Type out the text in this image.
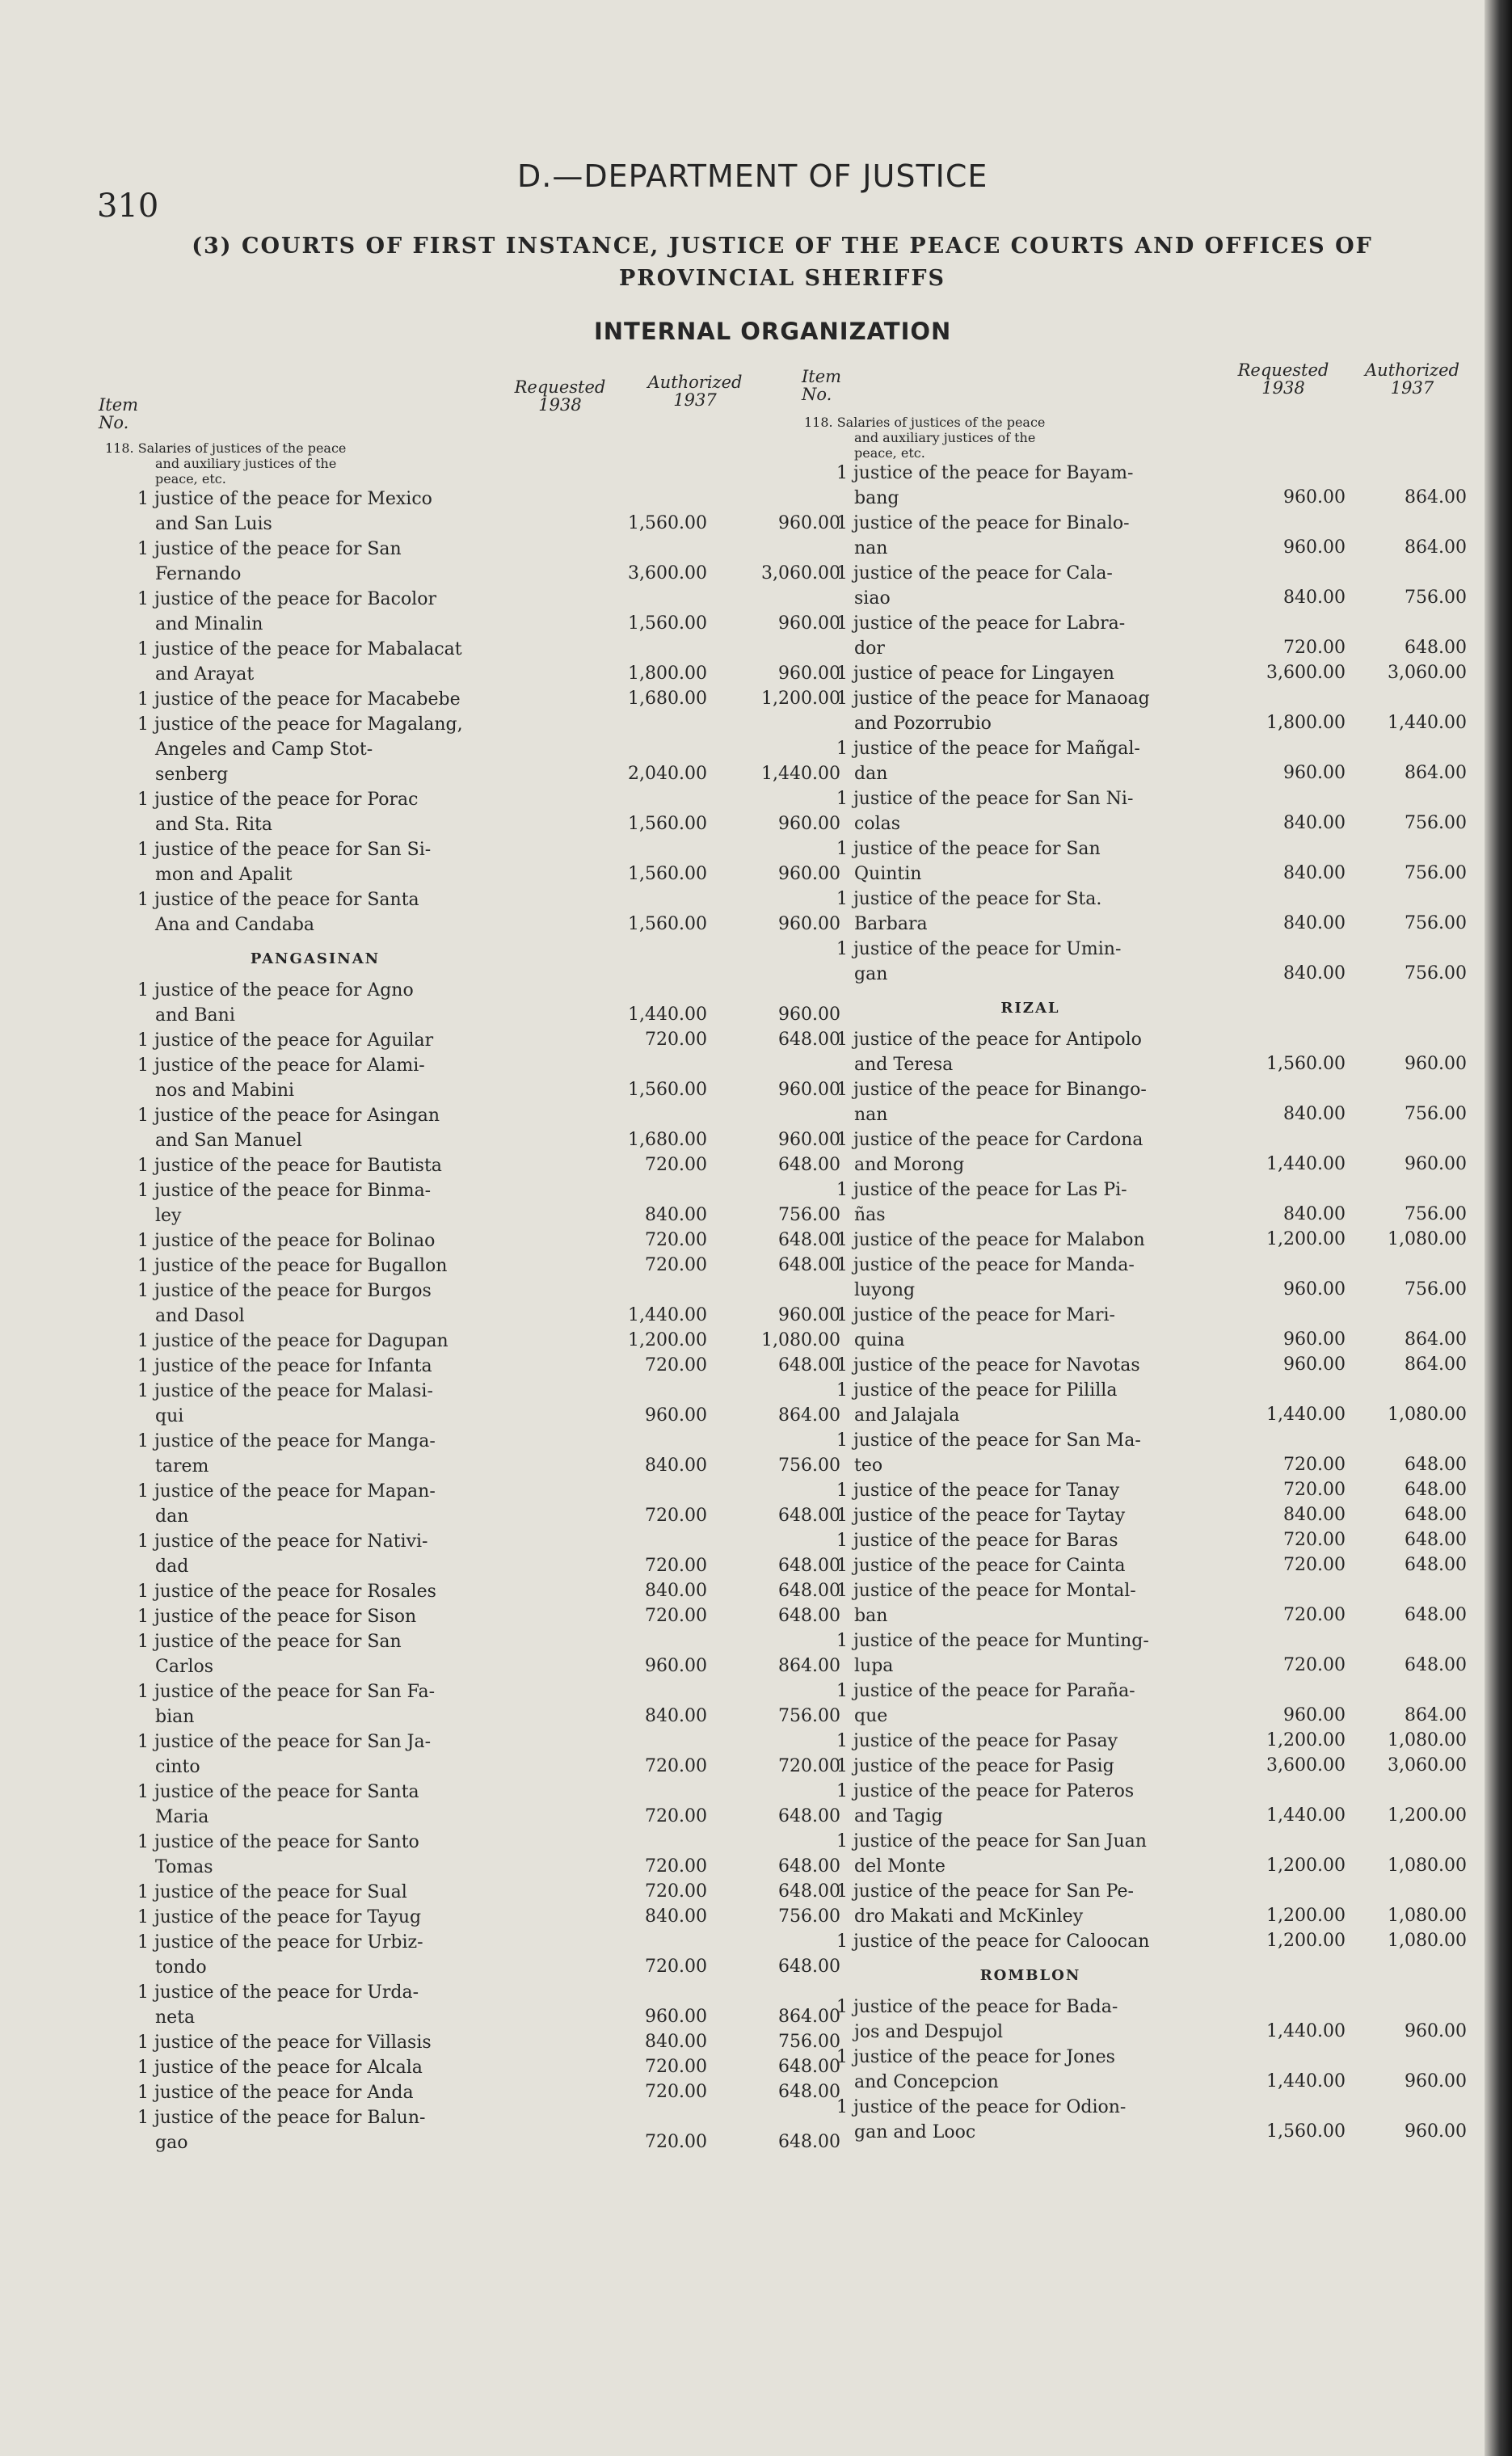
310
D.—DEPARTMENT OF JUSTICE
(3) COURTS OF FIRST INSTANCE, JUSTICE OF THE PEACE COURTS AND OFFICES OF
PROVINCIAL SHERIFFS
INTERNAL ORGANIZATION
Item
No.
Requested
1938
Authorized
1937
Item
No.
Requested
1938
Authorized
1937
118. Salaries of justices of the peace
and auxiliary justices of the
peace, etc.
1 justice of the peace for Mexico
and San Luis	1,560.00	960.00
1 justice of the peace for San
Fernando	3,600.00	3,060.00
1 justice of the peace for Bacolor
and Minalin	1,560.00	960.00
1 justice of the peace for Mabalacat
and Arayat	1,800.00	960.00
1 justice of the peace for Macabebe	1,680.00	1,200.00
1 justice of the peace for Magalang,
Angeles and Camp Stot-
senberg	2,040.00	1,440.00
1 justice of the peace for Porac
and Sta. Rita	1,560.00	960.00
1 justice of the peace for San Si-
mon and Apalit	1,560.00	960.00
1 justice of the peace for Santa
Ana and Candaba	1,560.00	960.00
PANGASINAN
1 justice of the peace for Agno
and Bani	1,440.00	960.00
1 justice of the peace for Aguilar	720.00	648.00
1 justice of the peace for Alami-
nos and Mabini	1,560.00	960.00
1 justice of the peace for Asingan
and San Manuel	1,680.00	960.00
1 justice of the peace for Bautista	720.00	648.00
1 justice of the peace for Binma-
ley	840.00	756.00
1 justice of the peace for Bolinao	720.00	648.00
1 justice of the peace for Bugallon	720.00	648.00
1 justice of the peace for Burgos
and Dasol	1,440.00	960.00
1 justice of the peace for Dagupan	1,200.00	1,080.00
1 justice of the peace for Infanta	720.00	648.00
1 justice of the peace for Malasi-
qui	960.00	864.00
1 justice of the peace for Manga-
tarem	840.00	756.00
1 justice of the peace for Mapan-
dan	720.00	648.00
1 justice of the peace for Nativi-
dad	720.00	648.00
1 justice of the peace for Rosales	840.00	648.00
1 justice of the peace for Sison	720.00	648.00
1 justice of the peace for San
Carlos	960.00	864.00
1 justice of the peace for San Fa-
bian	840.00	756.00
1 justice of the peace for San Ja-
cinto	720.00	720.00
1 justice of the peace for Santa
Maria	720.00	648.00
1 justice of the peace for Santo
Tomas	720.00	648.00
1 justice of the peace for Sual	720.00	648.00
1 justice of the peace for Tayug	840.00	756.00
1 justice of the peace for Urbiz-
tondo	720.00	648.00
1 justice of the peace for Urda-
neta	960.00	864.00
1 justice of the peace for Villasis	840.00	756.00
1 justice of the peace for Alcala	720.00	648.00
1 justice of the peace for Anda	720.00	648.00
1 justice of the peace for Balun-
gao	720.00	648.00
118. Salaries of justices of the peace
and auxiliary justices of the
peace, etc.
1 justice of the peace for Bayam-
bang	960.00	864.00
1 justice of the peace for Binalo-
nan	960.00	864.00
1 justice of the peace for Cala-
siao	840.00	756.00
1 justice of the peace for Labra-
dor	720.00	648.00
1 justice of peace for Lingayen	3,600.00 3,060.00
1 justice of the peace for Manaoag
and Pozorrubio	1,800.00 1,440.00
1 justice of the peace for Mañgal-
dan	960.00	864.00
1 justice of the peace for San Ni-
colas	840.00	756.00
1 justice of the peace for San
Quintin	840.00	756.00
1 justice of the peace for Sta.
Barbara	840.00	756.00
1 justice of the peace for Umin-
gan	840.00	756.00
RIZAL
1 justice of the peace for Antipolo
and Teresa	1,560.00	960.00
1 justice of the peace for Binango-
nan	840.00	756.00
1 justice of the peace for Cardona
and Morong	1,440.00	960.00
1 justice of the peace for Las Pi-
ñas	840.00	756.00
1 justice of the peace for Malabon	1,200.00 1,080.00
1 justice of the peace for Manda-
luyong	960.00	756.00
1 justice of the peace for Mari-
quina	960.00	864.00
1 justice of the peace for Navotas	960.00	864.00
1 justice of the peace for Pililla
and Jalajala	1,440.00 1,080.00
1 justice of the peace for San Ma-
teo	720.00	648.00
1 justice of the peace for Tanay	720.00	648.00
1 justice of the peace for Taytay	840.00	648.00
1 justice of the peace for Baras	720.00	648.00
1 justice of the peace for Cainta	720.00	648.00
1 justice of the peace for Montal-
ban	720.00	648.00
1 justice of the peace for Munting-
lupa	720.00	648.00
1 justice of the peace for Paraña-
que	960.00	864.00
1 justice of the peace for Pasay	1,200.00 1,080.00
1 justice of the peace for Pasig	3,600.00 3,060.00
1 justice of the peace for Pateros
and Tagig	1,440.00 1,200.00
1 justice of the peace for San Juan
del Monte	1,200.00 1,080.00
1 justice of the peace for San Pe-
dro Makati and McKinley	1,200.00 1,080.00
1 justice of the peace for Caloocan	1,200.00 1,080.00
ROMBLON
1 justice of the peace for Bada-
jos and Despujol	1,440.00	960.00
1 justice of the peace for Jones
and Concepcion	1,440.00	960.00
1 justice of the peace for Odion-
gan and Looc	1,560.00	960.00
